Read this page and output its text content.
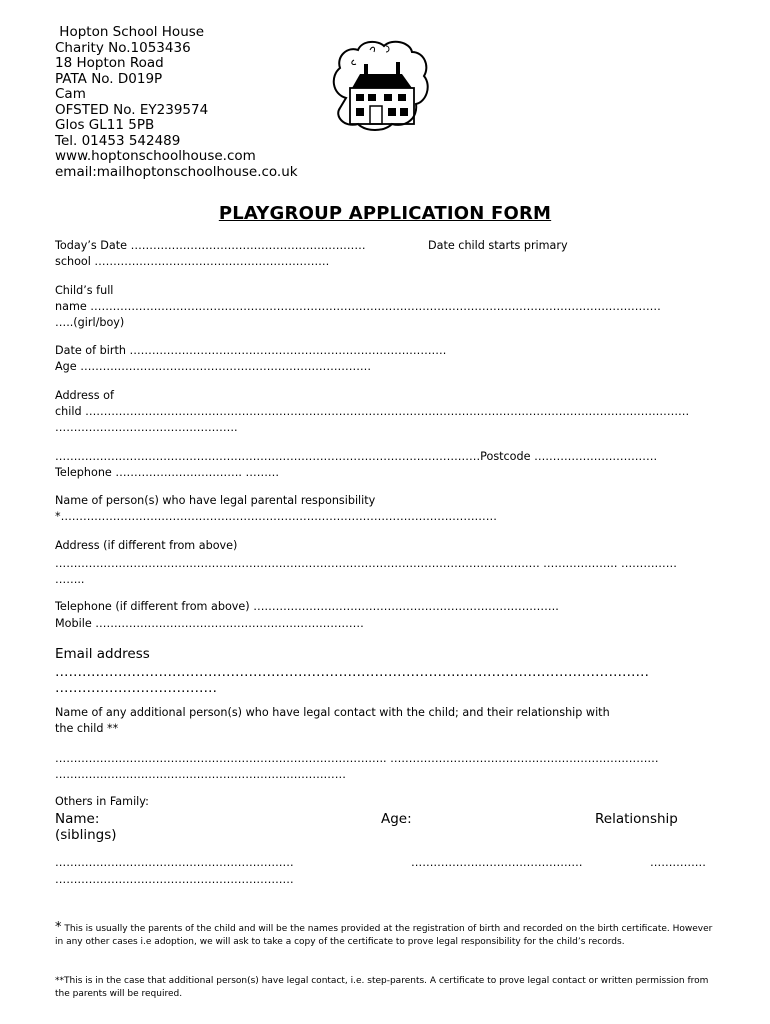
Hopton School House
Charity No.1053436
18 Hopton Road
PATA No. D019P
Cam
OFSTED No. EY239574
Glos GL11 5PB
Tel. 01453 542489
www.hoptonschoolhouse.com
email:mailhoptonschoolhouse.co.uk
PLAYGROUP APPLICATION FORM
Today’s Date ………………………………………………………	Date child starts primary
school ………………………………………………………
Child’s full
name ………………………………………………………………………………………………………………………………………
…..(girl/boy)
Date of birth ………………………………………………………………………….
Age ……………………………………………………………………
Address of
child ………………………………………………………………………………………………………………………………………………
………………………………………….
……………………………………………………………………………………………………Postcode ……………………………
Telephone ……………………………. ………
Name of person(s) who have legal parental responsibility
*………………………………………………………………………………………………………
Address (if different from above)
…………………………………………………………………………………………………………………. ……………….. ……………
……..
Telephone (if different from above) ……………………………………………………………………….
Mobile ………………………………………………………………
Email address
……………………………………………………………………………………………………………………
………………………………
Name of any additional person(s) who have legal contact with the child; and their relationship with
the child **
…………………………………………………………………………….. ………………………………………………………………
……………………………………………………………………
Others in Family:
Name:	Age:	Relationship
(siblings)
……………………………………………………….	……………………………………….	……………
……………………………………………………….
* This is usually the parents of the child and will be the names provided at the registration of birth and recorded on the birth certificate. However in any other cases i.e adoption, we will ask to take a copy of the certificate to prove legal responsibility for the child’s records.
**This is in the case that additional person(s) have legal contact, i.e. step-parents. A certificate to prove legal contact or written permission from the parents will be required.
